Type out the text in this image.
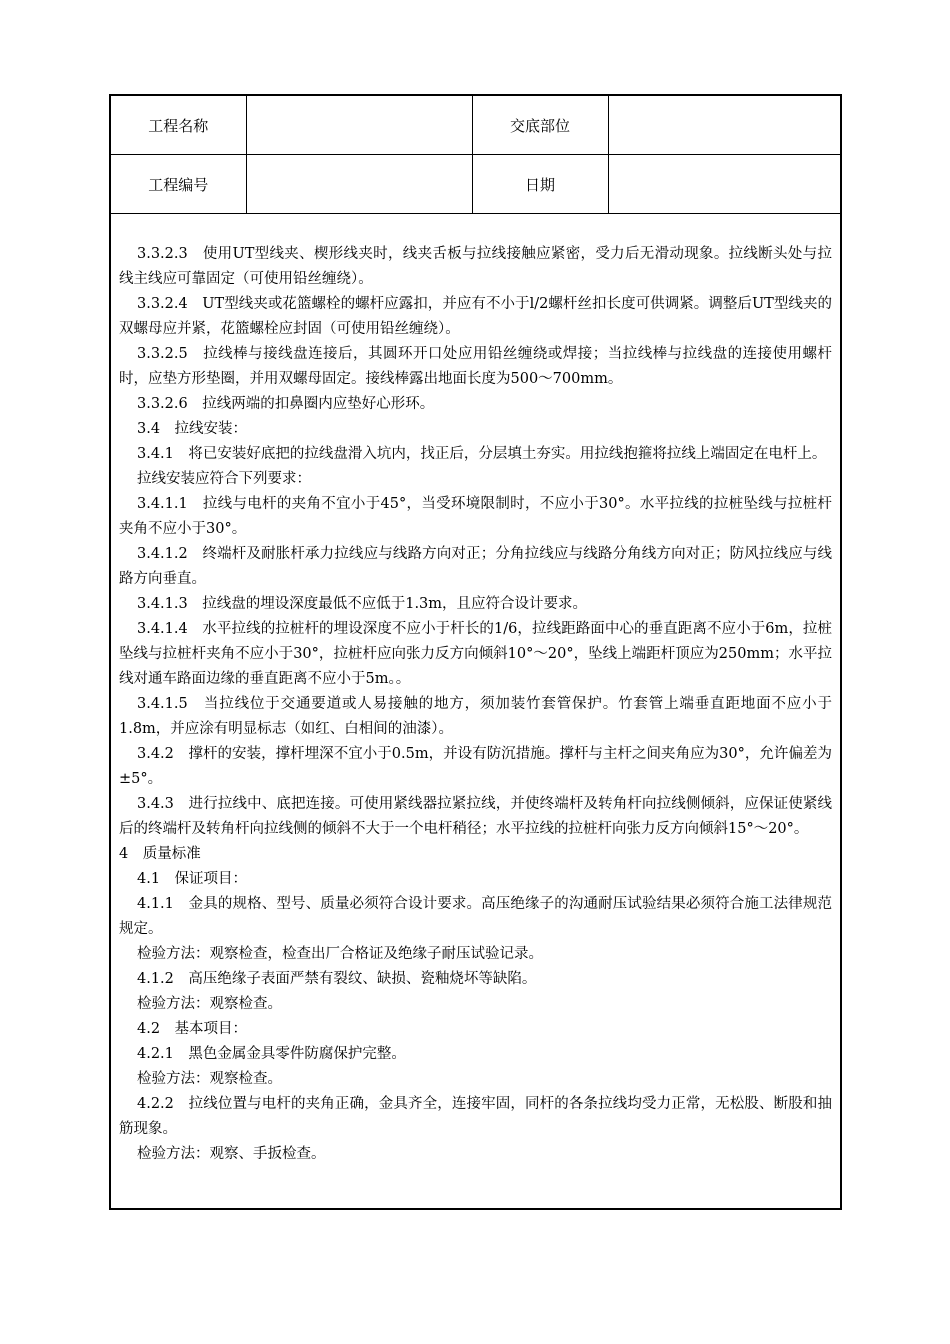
工程名称		交底部位	
工程编号		日期	

3.3.2.3　使用UT型线夹、楔形线夹时，线夹舌板与拉线接触应紧密，受力后无滑动现象。拉线断头处与拉线主线应可靠固定（可使用铅丝缠绕）。

3.3.2.4　UT型线夹或花篮螺栓的螺杆应露扣，并应有不小于l/2螺杆丝扣长度可供调紧。调整后UT型线夹的双螺母应并紧，花篮螺栓应封固（可使用铅丝缠绕）。

3.3.2.5　拉线棒与接线盘连接后，其圆环开口处应用铅丝缠绕或焊接；当拉线棒与拉线盘的连接使用螺杆时，应垫方形垫圈，并用双螺母固定。接线棒露出地面长度为500～700mm。

3.3.2.6　拉线两端的扣鼻圈内应垫好心形环。

3.4　拉线安装：

3.4.1　将已安装好底把的拉线盘滑入坑内，找正后，分层填土夯实。用拉线抱箍将拉线上端固定在电杆上。

拉线安装应符合下列要求：

3.4.1.1　拉线与电杆的夹角不宜小于45°，当受环境限制时，不应小于30°。水平拉线的拉桩坠线与拉桩杆夹角不应小于30°。

3.4.1.2　终端杆及耐胀杆承力拉线应与线路方向对正；分角拉线应与线路分角线方向对正；防风拉线应与线路方向垂直。

3.4.1.3　拉线盘的埋设深度最低不应低于1.3m，且应符合设计要求。

3.4.1.4　水平拉线的拉桩杆的埋设深度不应小于杆长的1/6，拉线距路面中心的垂直距离不应小于6m，拉桩坠线与拉桩杆夹角不应小于30°，拉桩杆应向张力反方向倾斜10°～20°，坠线上端距杆顶应为250mm；水平拉线对通车路面边缘的垂直距离不应小于5m。。

3.4.1.5　当拉线位于交通要道或人易接触的地方，须加装竹套管保护。竹套管上端垂直距地面不应小于1.8m，并应涂有明显标志（如红、白相间的油漆）。

3.4.2　撑杆的安装，撑杆埋深不宜小于0.5m，并设有防沉措施。撑杆与主杆之间夹角应为30°，允许偏差为±5°。

3.4.3　进行拉线中、底把连接。可使用紧线器拉紧拉线，并使终端杆及转角杆向拉线侧倾斜，应保证使紧线后的终端杆及转角杆向拉线侧的倾斜不大于一个电杆稍径；水平拉线的拉桩杆向张力反方向倾斜15°～20°。

4　质量标准

4.1　保证项目：

4.1.1　金具的规格、型号、质量必须符合设计要求。高压绝缘子的沟通耐压试验结果必须符合施工法律规范规定。

检验方法：观察检查，检查出厂合格证及绝缘子耐压试验记录。

4.1.2　高压绝缘子表面严禁有裂纹、缺损、瓷釉烧坏等缺陷。

检验方法：观察检查。

4.2　基本项目：

4.2.1　黑色金属金具零件防腐保护完整。

检验方法：观察检查。

4.2.2　拉线位置与电杆的夹角正确，金具齐全，连接牢固，同杆的各条拉线均受力正常，无松股、断股和抽筋现象。

检验方法：观察、手扳检查。
